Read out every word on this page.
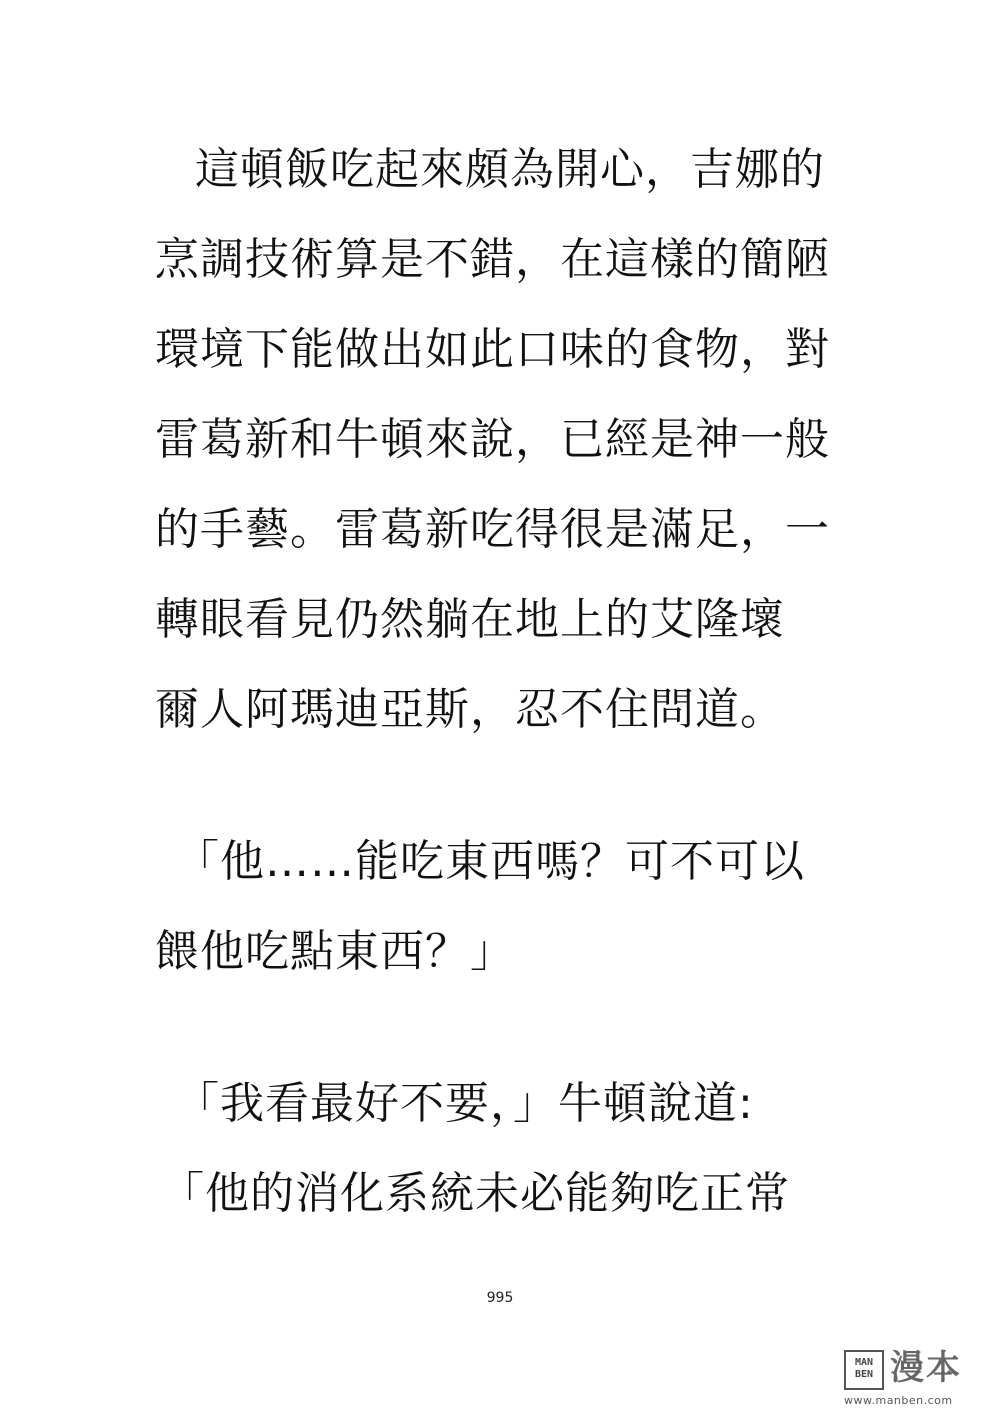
這頓飯吃起來頗為開心，吉娜的
烹調技術算是不錯，在這樣的簡陋
環境下能做出如此口味的食物，對
雷葛新和牛頓來說，已經是神一般
的手藝。雷葛新吃得很是滿足，一
轉眼看見仍然躺在地上的艾隆壞
爾人阿瑪迪亞斯，忍不住問道。
「他……能吃東西嗎？可不可以
餵他吃點東西？」
「我看最好不要，」牛頓說道:
「他的消化系統未必能夠吃正常
995
MAN
BEN 漫本
www.manben.com
